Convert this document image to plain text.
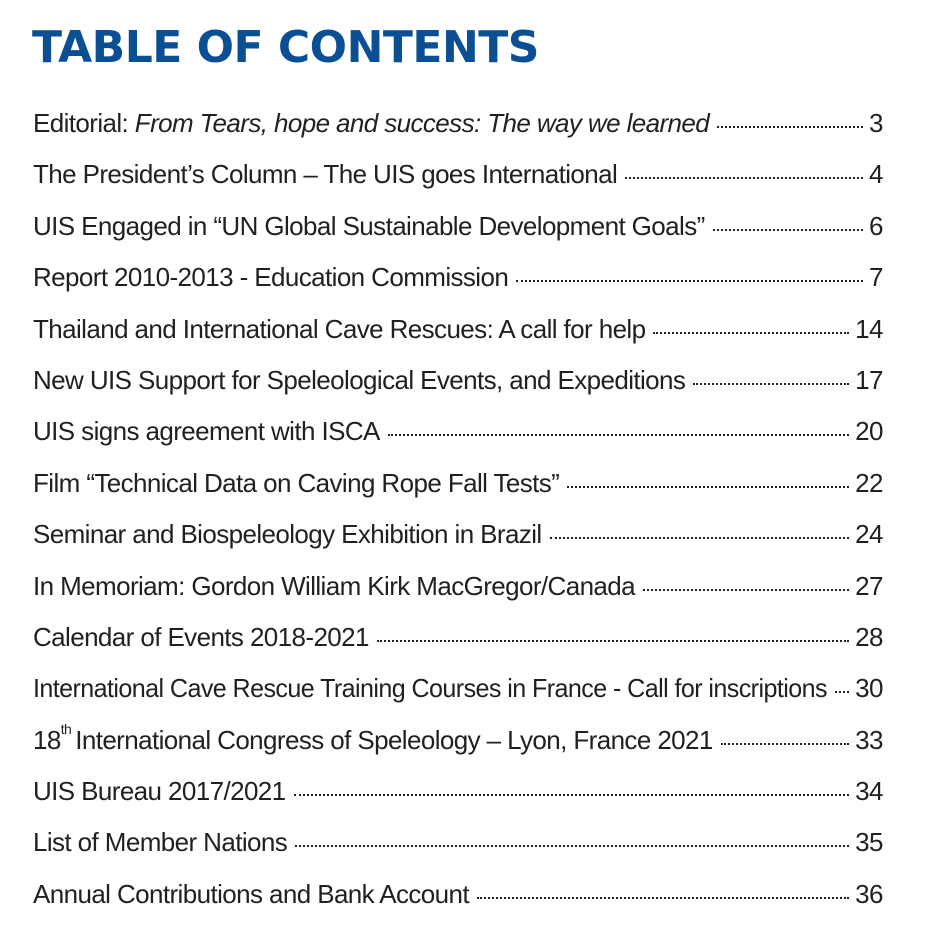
TABLE OF CONTENTS
Editorial: From Tears, hope and success: The way we learned	3
The President’s Column – The UIS goes International	4
UIS Engaged in “UN Global Sustainable Development Goals”	6
Report 2010-2013 - Education Commission	7
Thailand and International Cave Rescues: A call for help	14
New UIS Support for Speleological Events, and Expeditions	17
UIS signs agreement with ISCA	20
Film “Technical Data on Caving Rope Fall Tests”	22
Seminar and Biospeleology Exhibition in Brazil	24
In Memoriam: Gordon William Kirk MacGregor/Canada	27
Calendar of Events 2018-2021	28
International Cave Rescue Training Courses in France - Call for inscriptions 30
18th International Congress of Speleology – Lyon, France 2021	33
UIS Bureau 2017/2021	34
List of Member Nations	35
Annual Contributions and Bank Account	36
